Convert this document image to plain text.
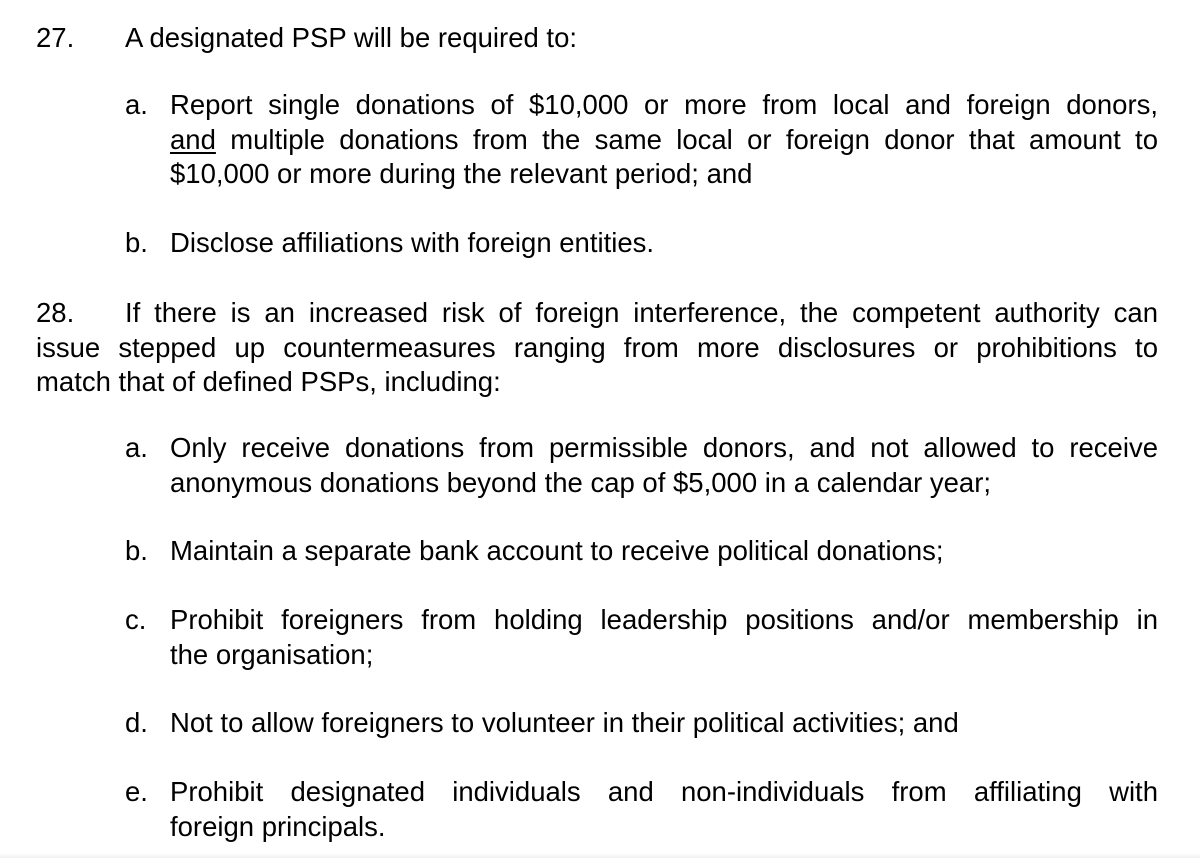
27. A designated PSP will be required to:
a. Report single donations of $10,000 or more from local and foreign donors,
and multiple donations from the same local or foreign donor that amount to
$10,000 or more during the relevant period; and
b. Disclose affiliations with foreign entities.
28. If there is an increased risk of foreign interference, the competent authority can
issue stepped up countermeasures ranging from more disclosures or prohibitions to
match that of defined PSPs, including:
a. Only receive donations from permissible donors, and not allowed to receive
anonymous donations beyond the cap of $5,000 in a calendar year;
b. Maintain a separate bank account to receive political donations;
c. Prohibit foreigners from holding leadership positions and/or membership in
the organisation;
d. Not to allow foreigners to volunteer in their political activities; and
e. Prohibit designated individuals and non-individuals from affiliating with
foreign principals.
